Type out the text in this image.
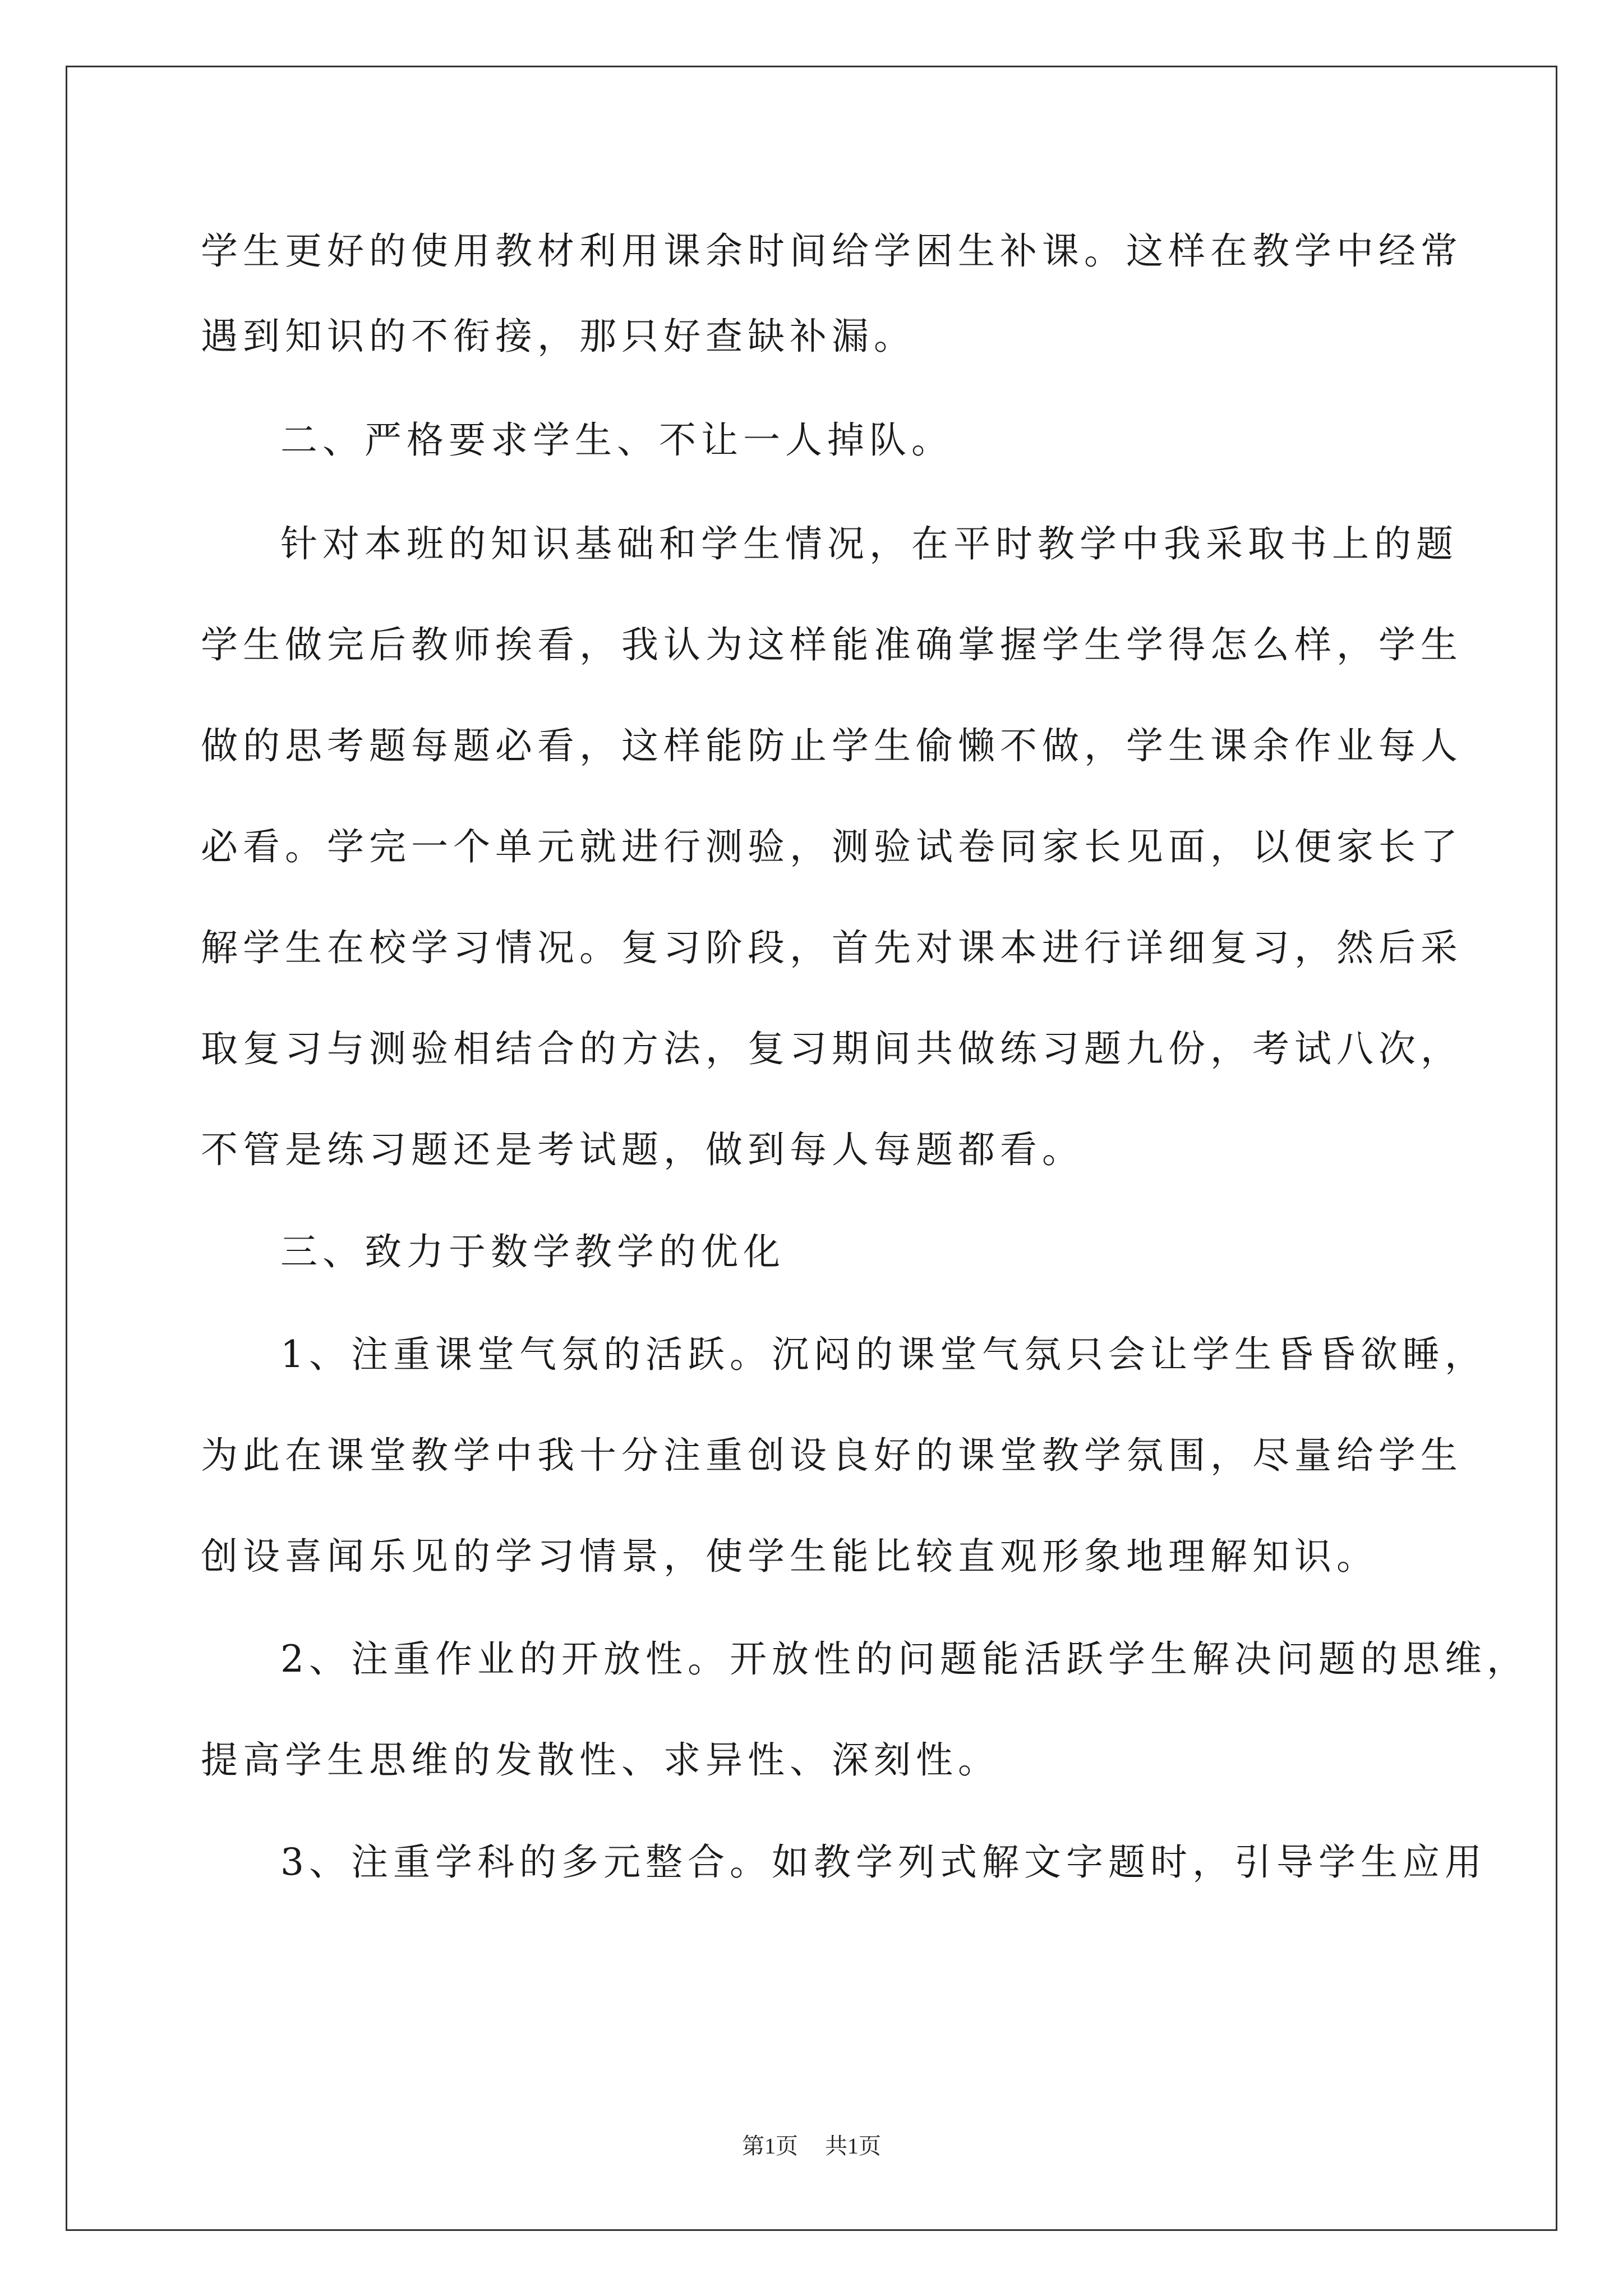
学生更好的使用教材利用课余时间给学困生补课。这样在教学中经常
遇到知识的不衔接，那只好查缺补漏。
二、严格要求学生、不让一人掉队。
针对本班的知识基础和学生情况，在平时教学中我采取书上的题
学生做完后教师挨看，我认为这样能准确掌握学生学得怎么样，学生
做的思考题每题必看，这样能防止学生偷懒不做，学生课余作业每人
必看。学完一个单元就进行测验，测验试卷同家长见面，以便家长了
解学生在校学习情况。复习阶段，首先对课本进行详细复习，然后采
取复习与测验相结合的方法，复习期间共做练习题九份，考试八次，
不管是练习题还是考试题，做到每人每题都看。
三、致力于数学教学的优化
1、注重课堂气氛的活跃。沉闷的课堂气氛只会让学生昏昏欲睡，
为此在课堂教学中我十分注重创设良好的课堂教学氛围，尽量给学生
创设喜闻乐见的学习情景，使学生能比较直观形象地理解知识。
2、注重作业的开放性。开放性的问题能活跃学生解决问题的思维，
提高学生思维的发散性、求异性、深刻性。
3、注重学科的多元整合。如教学列式解文字题时，引导学生应用
第1页 共1页
